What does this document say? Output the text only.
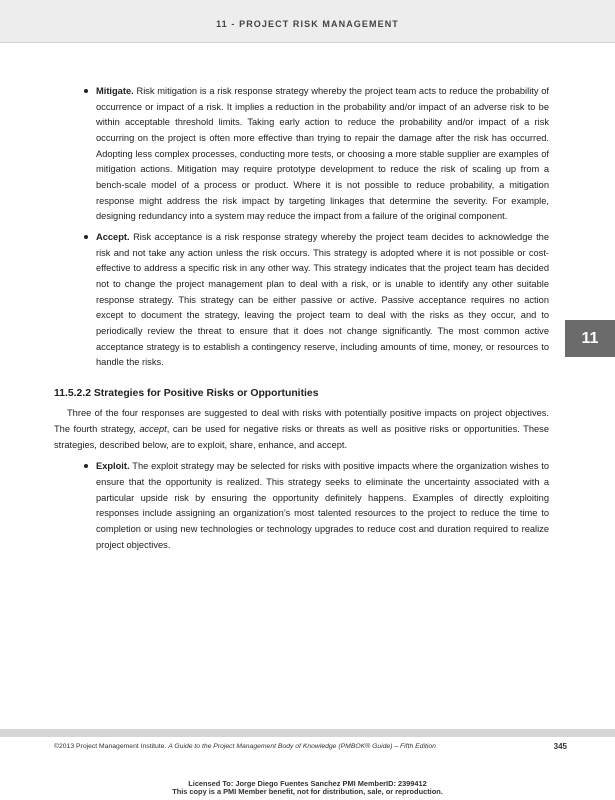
11 - PROJECT RISK MANAGEMENT
11

Mitigate. Risk mitigation is a risk response strategy whereby the project team acts to reduce the probability of occurrence or impact of a risk. It implies a reduction in the probability and/or impact of an adverse risk to be within acceptable threshold limits. Taking early action to reduce the probability and/or impact of a risk occurring on the project is often more effective than trying to repair the damage after the risk has occurred. Adopting less complex processes, conducting more tests, or choosing a more stable supplier are examples of mitigation actions. Mitigation may require prototype development to reduce the risk of scaling up from a bench-scale model of a process or product. Where it is not possible to reduce probability, a mitigation response might address the risk impact by targeting linkages that determine the severity. For example, designing redundancy into a system may reduce the impact from a failure of the original component.

Accept. Risk acceptance is a risk response strategy whereby the project team decides to acknowledge the risk and not take any action unless the risk occurs. This strategy is adopted where it is not possible or cost-effective to address a specific risk in any other way. This strategy indicates that the project team has decided not to change the project management plan to deal with a risk, or is unable to identify any other suitable response strategy. This strategy can be either passive or active. Passive acceptance requires no action except to document the strategy, leaving the project team to deal with the risks as they occur, and to periodically review the threat to ensure that it does not change significantly. The most common active acceptance strategy is to establish a contingency reserve, including amounts of time, money, or resources to handle the risks.

11.5.2.2 Strategies for Positive Risks or Opportunities

Three of the four responses are suggested to deal with risks with potentially positive impacts on project objectives. The fourth strategy, accept, can be used for negative risks or threats as well as positive risks or opportunities. These strategies, described below, are to exploit, share, enhance, and accept.

Exploit. The exploit strategy may be selected for risks with positive impacts where the organization wishes to ensure that the opportunity is realized. This strategy seeks to eliminate the uncertainty associated with a particular upside risk by ensuring the opportunity definitely happens. Examples of directly exploiting responses include assigning an organization’s most talented resources to the project to reduce the time to completion or using new technologies or technology upgrades to reduce cost and duration required to realize project objectives.

©2013 Project Management Institute. A Guide to the Project Management Body of Knowledge (PMBOK® Guide) – Fifth Edition	345
Licensed To: Jorge Diego Fuentes Sanchez PMI MemberID: 2399412
This copy is a PMI Member benefit, not for distribution, sale, or reproduction.
